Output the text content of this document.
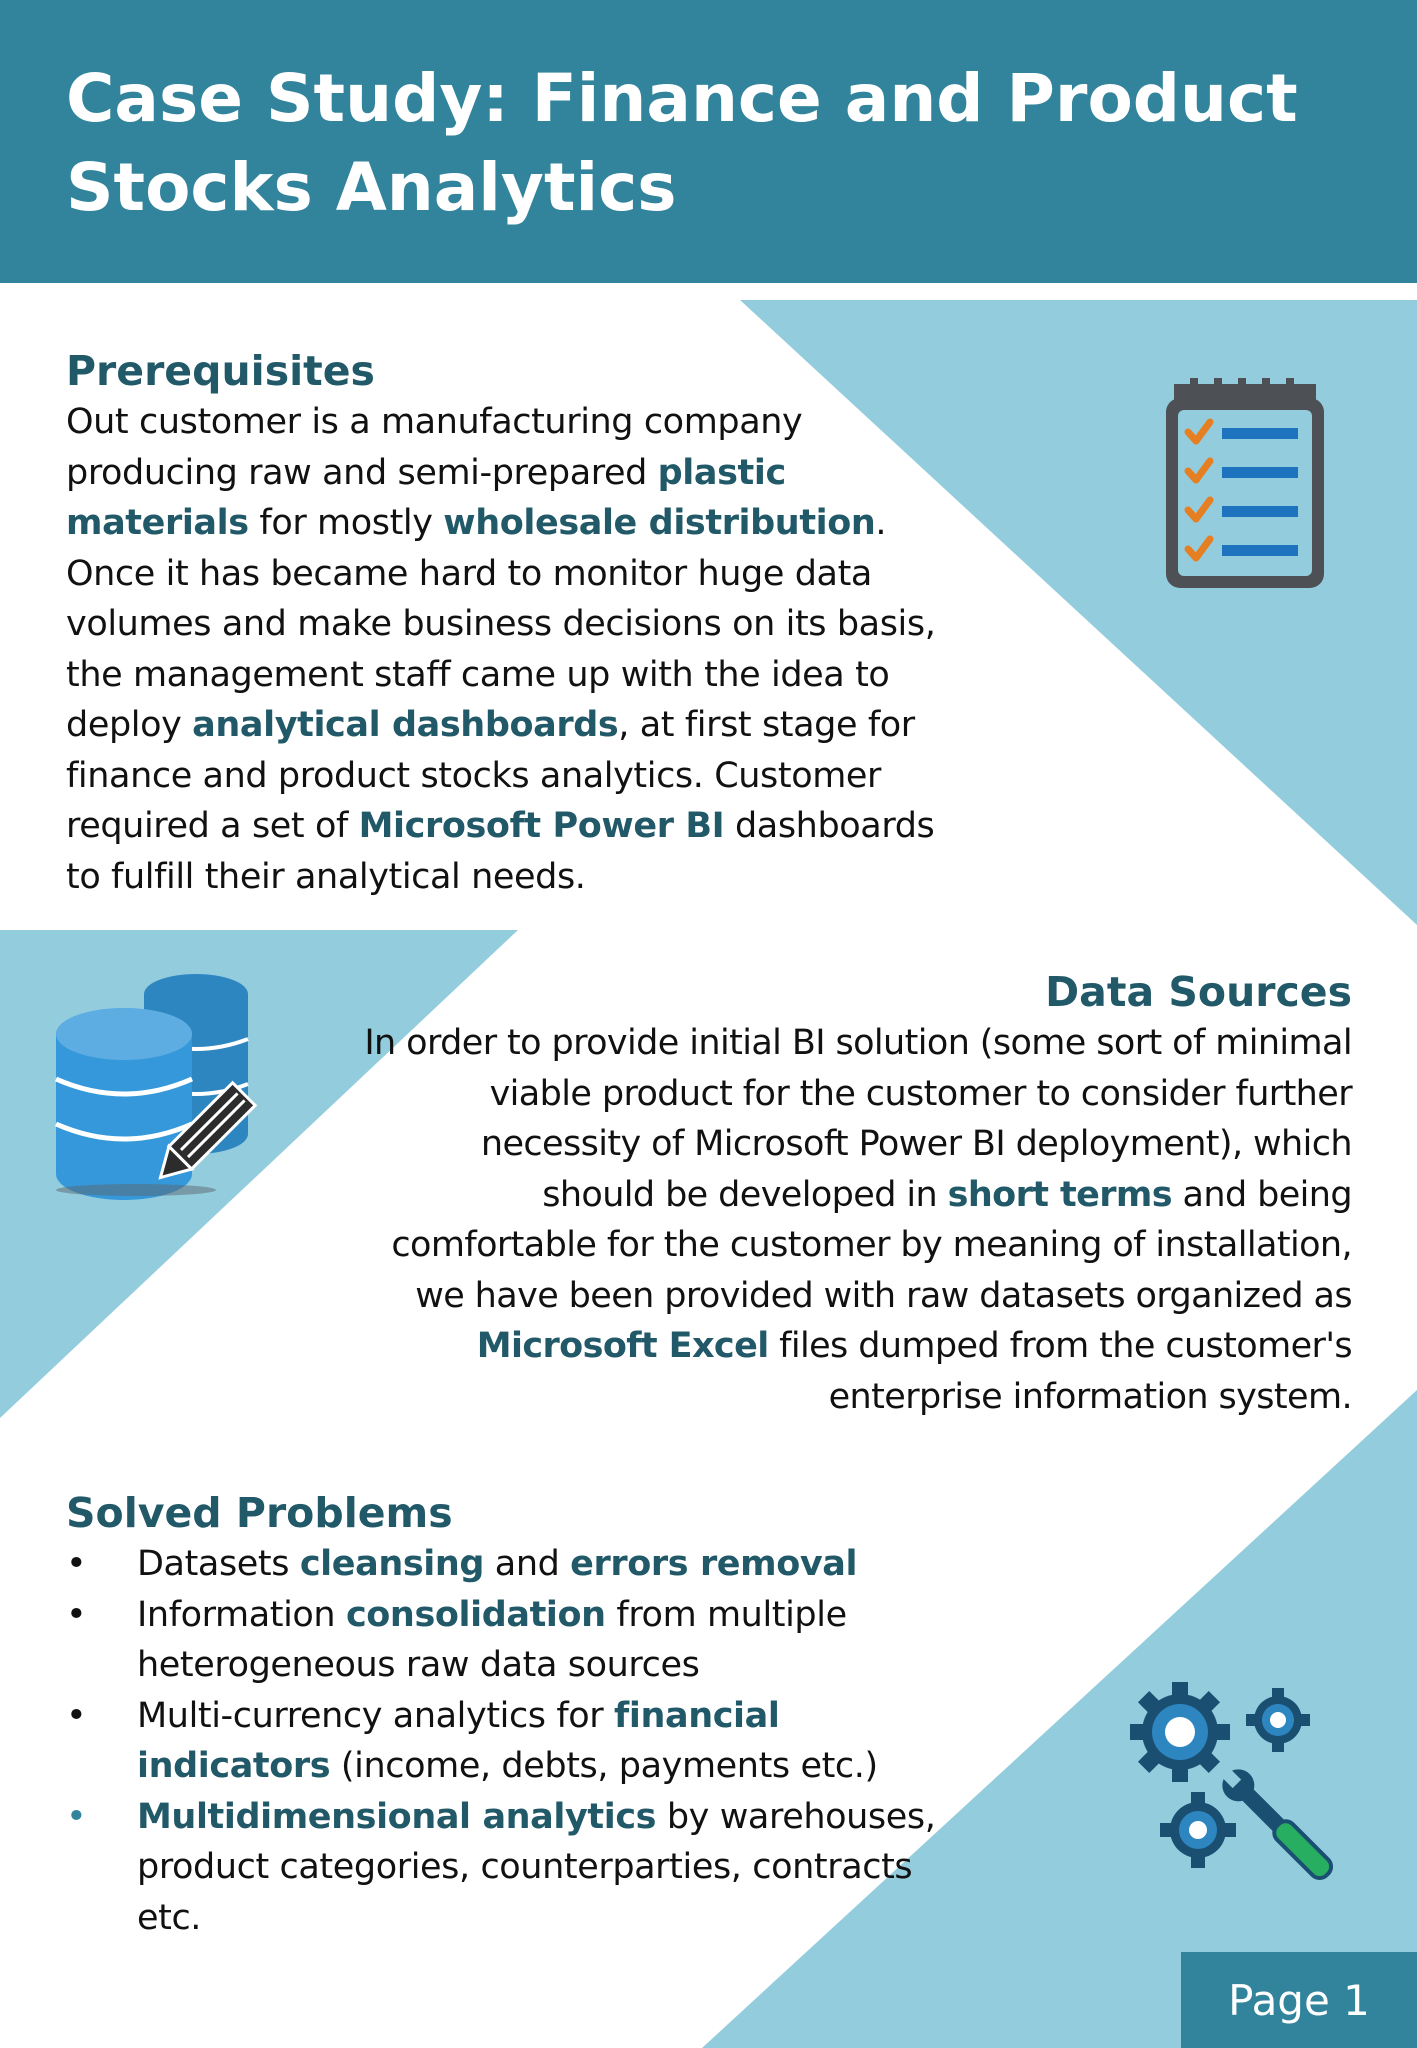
Case Study: Finance and Product
Stocks Analytics
Prerequisites

Out customer is a manufacturing company producing raw and semi-prepared plastic materials for mostly wholesale distribution. Once it has became hard to monitor huge data volumes and make business decisions on its basis, the management staff came up with the idea to deploy analytical dashboards, at first stage for finance and product stocks analytics. Customer required a set of Microsoft Power BI dashboards to fulfill their analytical needs.

Data Sources

In order to provide initial BI solution (some sort of minimal viable product for the customer to consider further necessity of Microsoft Power BI deployment), which should be developed in short terms and being comfortable for the customer by meaning of installation, we have been provided with raw datasets organized as Microsoft Excel files dumped from the customer's enterprise information system.

Solved Problems
• Datasets cleansing and errors removal
• Information consolidation from multiple heterogeneous raw data sources
• Multi-currency analytics for financial indicators (income, debts, payments etc.)
• Multidimensional analytics by warehouses, product categories, counterparties, contracts etc.
Page 1
